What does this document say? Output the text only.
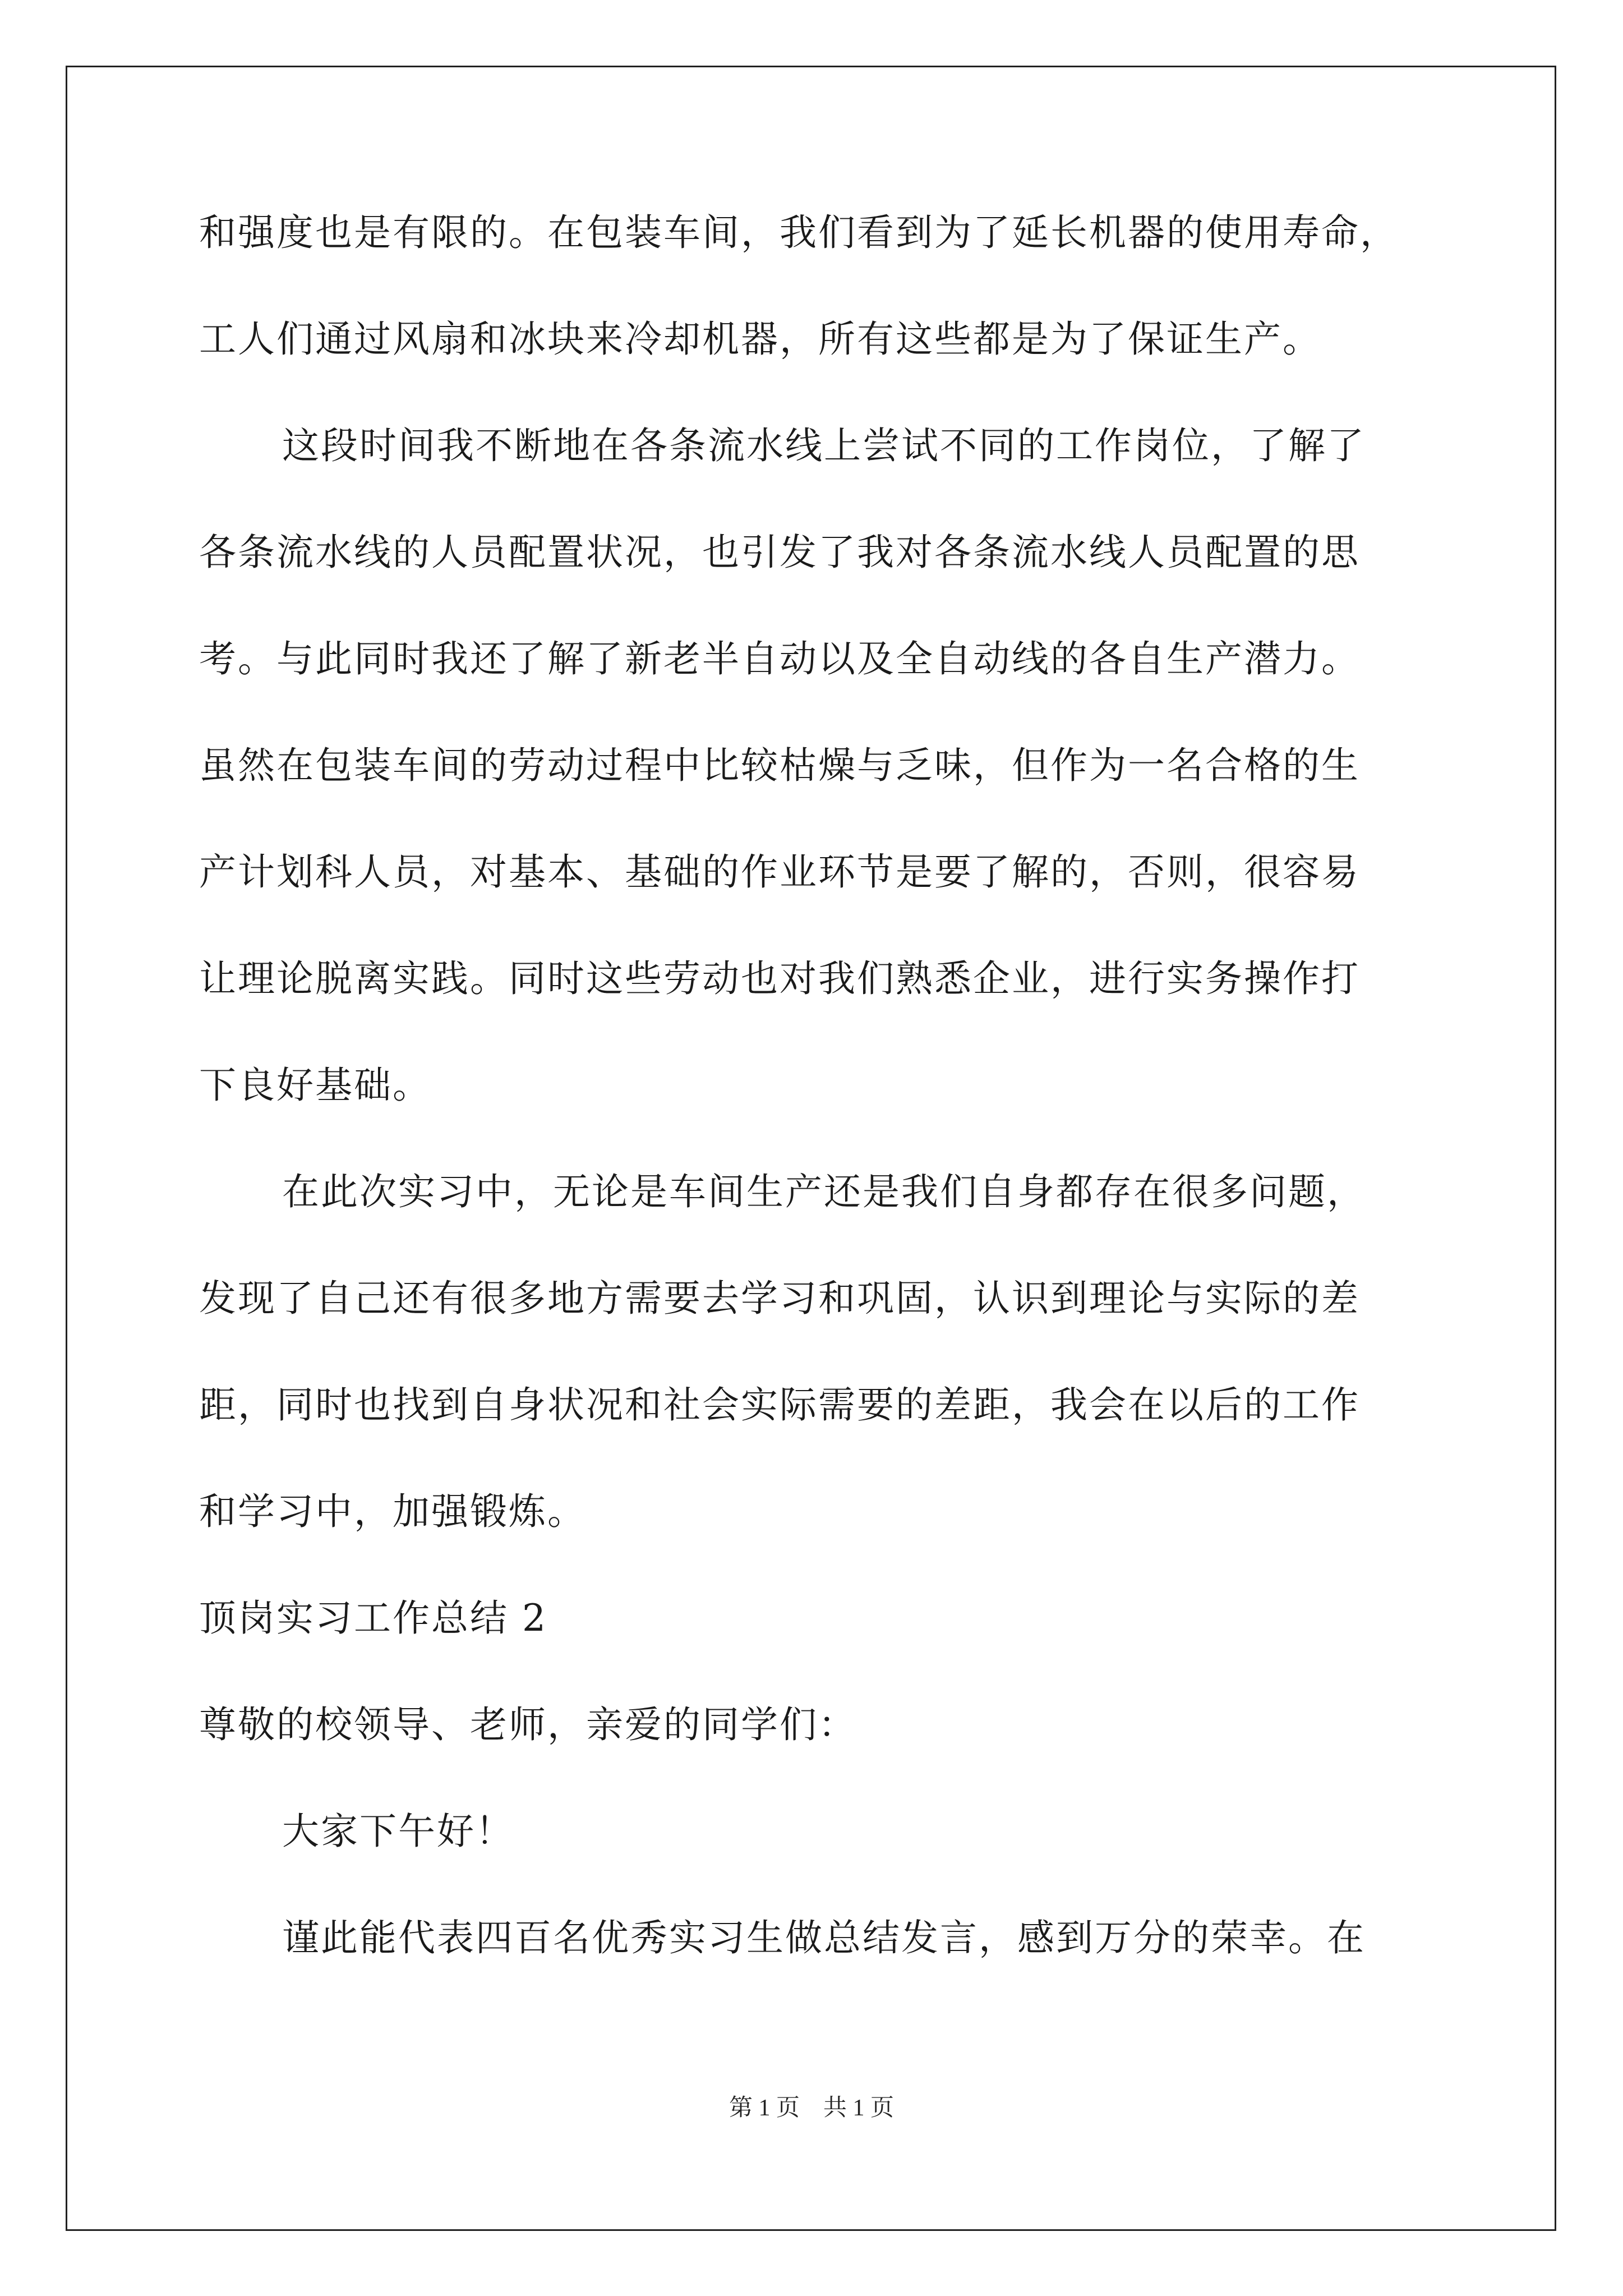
和强度也是有限的。在包装车间，我们看到为了延长机器的使用寿命，
工人们通过风扇和冰块来冷却机器，所有这些都是为了保证生产。
这段时间我不断地在各条流水线上尝试不同的工作岗位，了解了
各条流水线的人员配置状况，也引发了我对各条流水线人员配置的思
考。与此同时我还了解了新老半自动以及全自动线的各自生产潜力。
虽然在包装车间的劳动过程中比较枯燥与乏味，但作为一名合格的生
产计划科人员，对基本、基础的作业环节是要了解的，否则，很容易
让理论脱离实践。同时这些劳动也对我们熟悉企业，进行实务操作打
下良好基础。
在此次实习中，无论是车间生产还是我们自身都存在很多问题，
发现了自己还有很多地方需要去学习和巩固，认识到理论与实际的差
距，同时也找到自身状况和社会实际需要的差距，我会在以后的工作
和学习中，加强锻炼。
顶岗实习工作总结 2
尊敬的校领导、老师，亲爱的同学们：
大家下午好！
谨此能代表四百名优秀实习生做总结发言，感到万分的荣幸。在
第 1 页　共 1 页
